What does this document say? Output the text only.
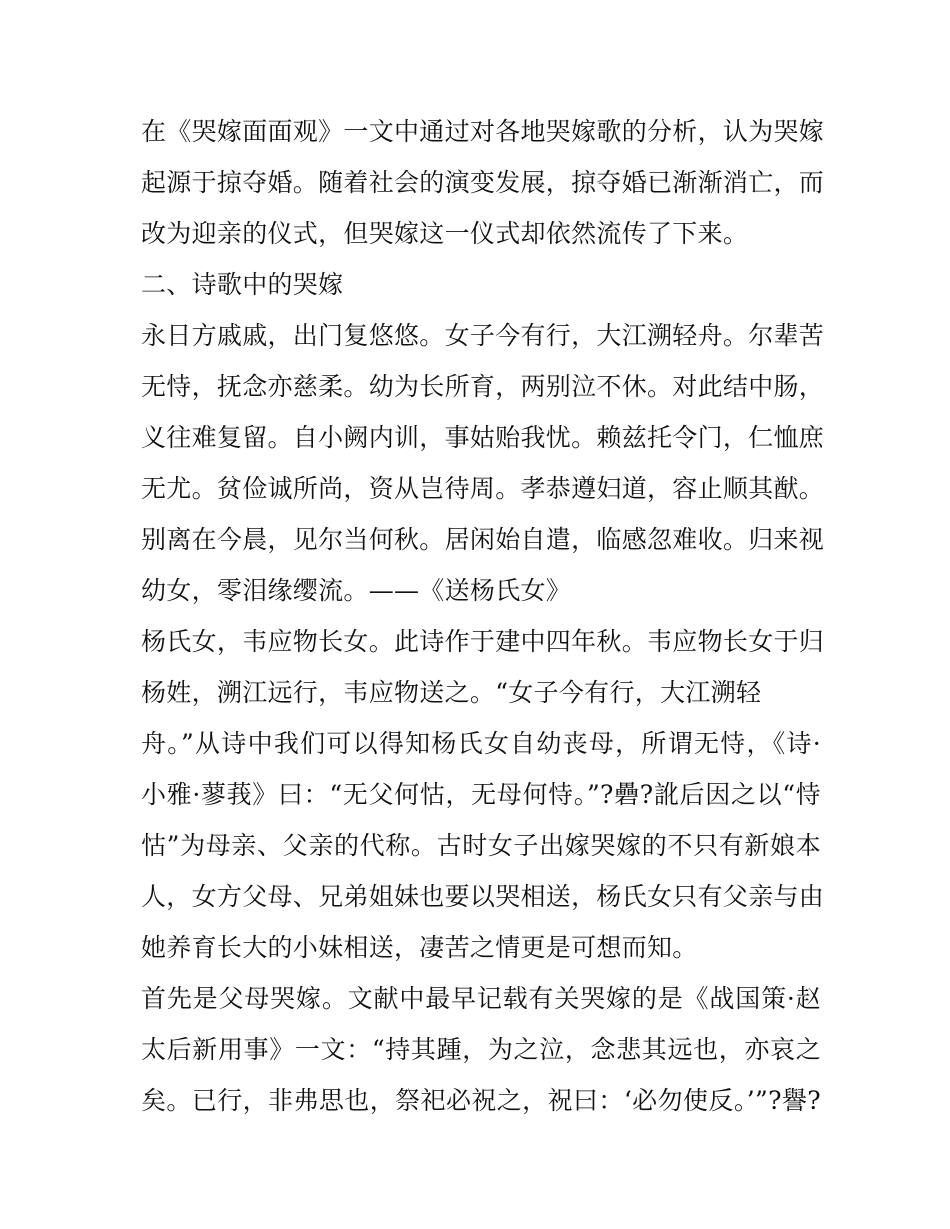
在《哭嫁面面观》一文中通过对各地哭嫁歌的分析，认为哭嫁
起源于掠夺婚。随着社会的演变发展，掠夺婚已渐渐消亡，而
改为迎亲的仪式，但哭嫁这一仪式却依然流传了下来。
二、诗歌中的哭嫁
永日方戚戚，出门复悠悠。女子今有行，大江溯轻舟。尔辈苦
无恃，抚念亦慈柔。幼为长所育，两别泣不休。对此结中肠，
义往难复留。自小阙内训，事姑贻我忧。赖兹托令门，仁恤庶
无尤。贫俭诚所尚，资从岂待周。孝恭遵妇道，容止顺其猷。
别离在今晨，见尔当何秋。居闲始自遣，临感忽难收。归来视
幼女，零泪缘缨流。——《送杨氏女》
杨氏女，韦应物长女。此诗作于建中四年秋。韦应物长女于归
杨姓，溯江远行，韦应物送之。“女子今有行，大江溯轻
舟。”从诗中我们可以得知杨氏女自幼丧母，所谓无恃，《诗·
小雅·蓼莪》曰：“无父何怙，无母何恃。”?礨?訛后因之以“恃
怙”为母亲、父亲的代称。古时女子出嫁哭嫁的不只有新娘本
人，女方父母、兄弟姐妹也要以哭相送，杨氏女只有父亲与由
她养育长大的小妹相送，凄苦之情更是可想而知。
首先是父母哭嫁。文献中最早记载有关哭嫁的是《战国策·赵
太后新用事》一文：“持其踵，为之泣，念悲其远也，亦哀之
矣。已行，非弗思也，祭祀必祝之，祝曰：‘必勿使反。’”?譽?
